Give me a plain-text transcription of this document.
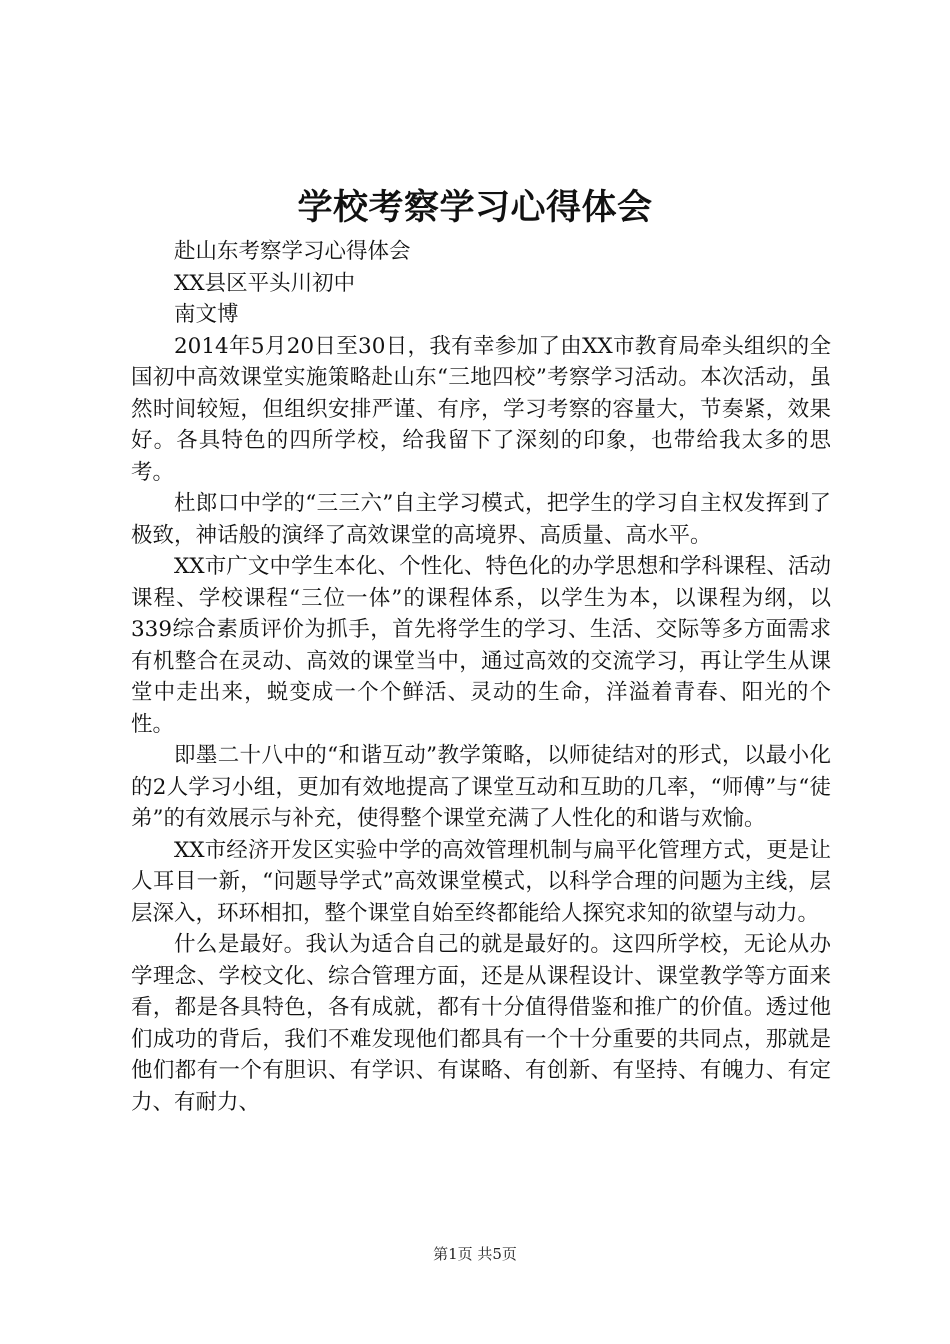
学校考察学习心得体会

赴山东考察学习心得体会

XX县区平头川初中

南文博

2014年5月20日至30日，我有幸参加了由XX市教育局牵头组织的全国初中高效课堂实施策略赴山东“三地四校”考察学习活动。本次活动，虽然时间较短，但组织安排严谨、有序，学习考察的容量大，节奏紧，效果好。各具特色的四所学校，给我留下了深刻的印象，也带给我太多的思考。

杜郎口中学的“三三六”自主学习模式，把学生的学习自主权发挥到了极致，神话般的演绎了高效课堂的高境界、高质量、高水平。

XX市广文中学生本化、个性化、特色化的办学思想和学科课程、活动课程、学校课程“三位一体”的课程体系，以学生为本，以课程为纲，以339综合素质评价为抓手，首先将学生的学习、生活、交际等多方面需求有机整合在灵动、高效的课堂当中，通过高效的交流学习，再让学生从课堂中走出来，蜕变成一个个鲜活、灵动的生命，洋溢着青春、阳光的个性。

即墨二十八中的“和谐互动”教学策略，以师徒结对的形式，以最小化的2人学习小组，更加有效地提高了课堂互动和互助的几率，“师傅”与“徒弟”的有效展示与补充，使得整个课堂充满了人性化的和谐与欢愉。

XX市经济开发区实验中学的高效管理机制与扁平化管理方式，更是让人耳目一新，“问题导学式”高效课堂模式，以科学合理的问题为主线，层层深入，环环相扣，整个课堂自始至终都能给人探究求知的欲望与动力。

什么是最好。我认为适合自己的就是最好的。这四所学校，无论从办学理念、学校文化、综合管理方面，还是从课程设计、课堂教学等方面来看，都是各具特色，各有成就，都有十分值得借鉴和推广的价值。透过他们成功的背后，我们不难发现他们都具有一个十分重要的共同点，那就是他们都有一个有胆识、有学识、有谋略、有创新、有坚持、有魄力、有定力、有耐力、

第1页 共5页
